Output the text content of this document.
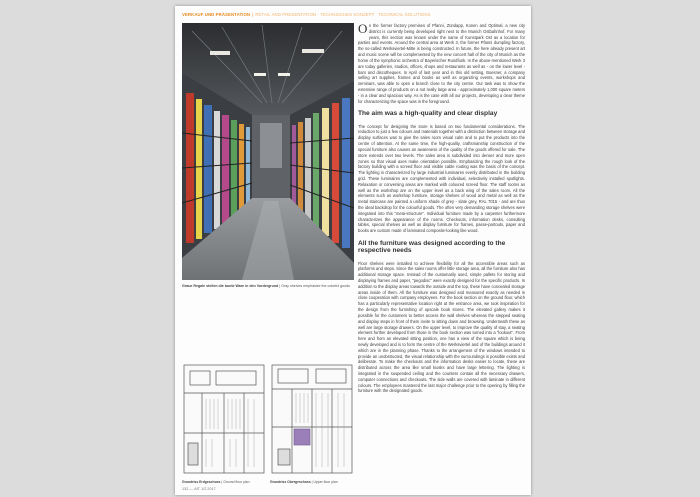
VERKAUF UND PRÄSENTATION | RETAIL AND PRESENTATION · TECHNISCHES KONZEPT · TECHNICAL SOLUTIONS
Graue Regale stellen die bunte Ware in den Vordergrund | Gray shelves emphasize the colorful goods
Grundriss Erdgeschoss | Ground floor plan	Grundriss Obergeschoss | Upper floor plan

On the former factory premises of Pfanni, Zündapp, Konen and Optimal, a new city district is currently being developed right next to the Munich Ostbahnhof. For many years, this section was known under the name of Kunstpark Ost as a location for parties and events. Around the central area at Werk 3, the former Pfanni dumpling factory, the so-called Werksviertel-Mitte is being constructed. In future, the here already present art and music scene will be complemented by the new concert hall of the city of Munich as the home of the symphonic orchestra of Bayerischer Rundfunk. In the above-mentioned Werk 3 are today galleries, studios, offices, shops and restaurants as well as - on the lower level - bars and discotheques. In April of last year and in this old setting, Boesner, a company selling art supplies, frames and books as well as organizing events, workshops and seminars, was able to open a branch close to the city centre. Our task was to show the extensive range of products on a not really large area - approximately 1,000 square meters - in a clear and spacious way. As is the case with all our projects, developing a clear theme for characterizing the space was in the foreground.

The aim was a high-quality and clear display

The concept for designing the store is based on two fundamental considerations. The reduction to just a few colours and materials together with a distinction between storage and display surfaces was to give the sales room visual calm and to put the products into the centre of attention. At the same time, the high-quality, craftsmanship construction of the special furniture also causes an awareness of the quality of the goods offered for sale. The store extends over two levels. The sales area is subdivided into denser and more open zones so that visual axes make orientation possible. Emphasizing the rough look of the factory building with a screed floor and visible cable routing was the basis of the concept. The lighting is characterized by large industrial luminaires evenly distributed in the building grid. These luminaires are complemented with individual, selectively installed spotlights. Relaxation or conversing areas are marked with coloured screed floor. The staff rooms as well as the workshop are on the upper level as a back wing of the sales room. All the elements such as workshop furniture, storage shelves of wood and metal as well as the metal staircase are painted a uniform shade of grey - slate grey, RAL 7015 - and are thus the ideal backdrop for the colourful goods. The often very demanding storage shelves were integrated into this "meta-structure". Individual furniture made by a carpenter furthermore characterizes the appearance of the rooms. Checkouts, information desks, consulting tables, special shelves as well as display furniture for frames, passe-partouts, paper and books are custom made of laminated composite-looking like wood.

All the furniture was designed according to the respective needs

Floor shelves were installed to achieve flexibility for all the accessible areas such as platforms and steps. Since the sales rooms offer little storage area, all the furniture also has additional storage space. Instead of the customarily used, simple pallets for storing and displaying frames and paper, "pegodisc" were exactly designed for the specific products. In addition to the display areas towards the outside and the top, these have concealed storage areas inside of them. All the furniture was designed and measured exactly as needed in close cooperation with company employees. For the book section on the ground floor, which has a particularly representative location right at the entrance area, we took inspiration for the design from the furnishing of upscale book stores. The elevated gallery makes it possible for the customers to better access the wall shelves whereas the stepped seating and display steps in front of them invite to sitting down and browsing. Underneath these as well are large storage drawers. On the upper level, to improve the quality of stay, a seating element further developed from those in the book section was turned into a "lookout". From here and from an elevated sitting position, one has a view of the square which is being newly developed and is to form the centre of the Werksviertel and of the buildings around it which are in the planning phase. Thanks to the arrangement of the windows intended to provide an unobstructed, the visual relationship with the surroundings is possible exists and deliberate. To make the checkouts and the information desks easier to locate, these are distributed across the area like small kiosks and have large lettering. The lighting is integrated in the suspended ceiling and the counters contain all the necessary drawers, computer connections and checkouts. The side walls are covered with laminate in different colours. The employees mastered the last major challenge prior to the opening by filling the furniture with the designated goods.

132 — AIT 1/2.2017
